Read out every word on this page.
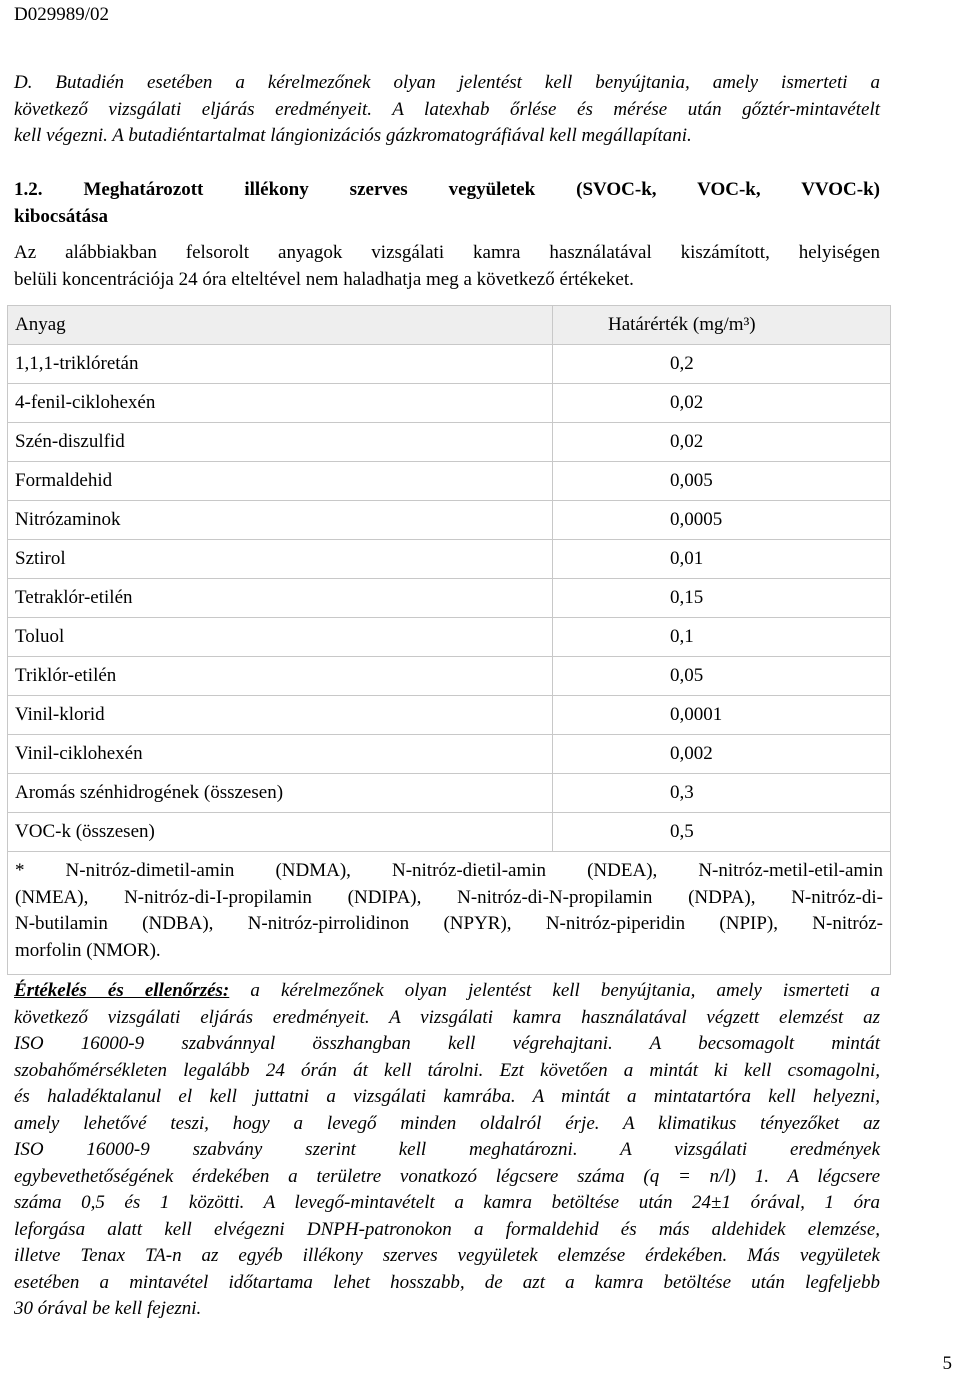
D029989/02
D. Butadién esetében a kérelmezőnek olyan jelentést kell benyújtania, amely ismerteti a
következő vizsgálati eljárás eredményeit. A latexhab őrlése és mérése után gőztér-mintavételt
kell végezni. A butadiéntartalmat lángionizációs gázkromatográfiával kell megállapítani.
1.2. Meghatározott illékony szerves vegyületek (SVOC-k, VOC-k, VVOC-k)
kibocsátása
Az alábbiakban felsorolt anyagok vizsgálati kamra használatával kiszámított, helyiségen
belüli koncentrációja 24 óra elteltével nem haladhatja meg a következő értékeket.
Anyag	Határérték (mg/m³)
1,1,1-triklóretán	0,2
4-fenil-ciklohexén	0,02
Szén-diszulfid	0,02
Formaldehid	0,005
Nitrózaminok	0,0005
Sztirol	0,01
Tetraklór-etilén	0,15
Toluol	0,1
Triklór-etilén	0,05
Vinil-klorid	0,0001
Vinil-ciklohexén	0,002
Aromás szénhidrogének (összesen)	0,3
VOC-k (összesen)	0,5

* N-nitróz-dimetil-amin (NDMA), N-nitróz-dietil-amin (NDEA), N-nitróz-metil-etil-amin
(NMEA), N-nitróz-di-I-propilamin (NDIPA), N-nitróz-di-N-propilamin (NDPA), N-nitróz-di-
N-butilamin (NDBA), N-nitróz-pirrolidinon (NPYR), N-nitróz-piperidin (NPIP), N-nitróz-
morfolin (NMOR).	
Értékelés és ellenőrzés: a kérelmezőnek olyan jelentést kell benyújtania, amely ismerteti a
következő vizsgálati eljárás eredményeit. A vizsgálati kamra használatával végzett elemzést az
ISO 16000-9 szabvánnyal összhangban kell végrehajtani. A becsomagolt mintát
szobahőmérsékleten legalább 24 órán át kell tárolni. Ezt követően a mintát ki kell csomagolni,
és haladéktalanul el kell juttatni a vizsgálati kamrába. A mintát a mintatartóra kell helyezni,
amely lehetővé teszi, hogy a levegő minden oldalról érje. A klimatikus tényezőket az
ISO 16000-9 szabvány szerint kell meghatározni. A vizsgálati eredmények
egybevethetőségének érdekében a területre vonatkozó légcsere száma (q = n/l) 1. A légcsere
száma 0,5 és 1 közötti. A levegő-mintavételt a kamra betöltése után 24±1 órával, 1 óra
leforgása alatt kell elvégezni DNPH-patronokon a formaldehid és más aldehidek elemzése,
illetve Tenax TA-n az egyéb illékony szerves vegyületek elemzése érdekében. Más vegyületek
esetében a mintavétel időtartama lehet hosszabb, de azt a kamra betöltése után legfeljebb
30 órával be kell fejezni.
5
